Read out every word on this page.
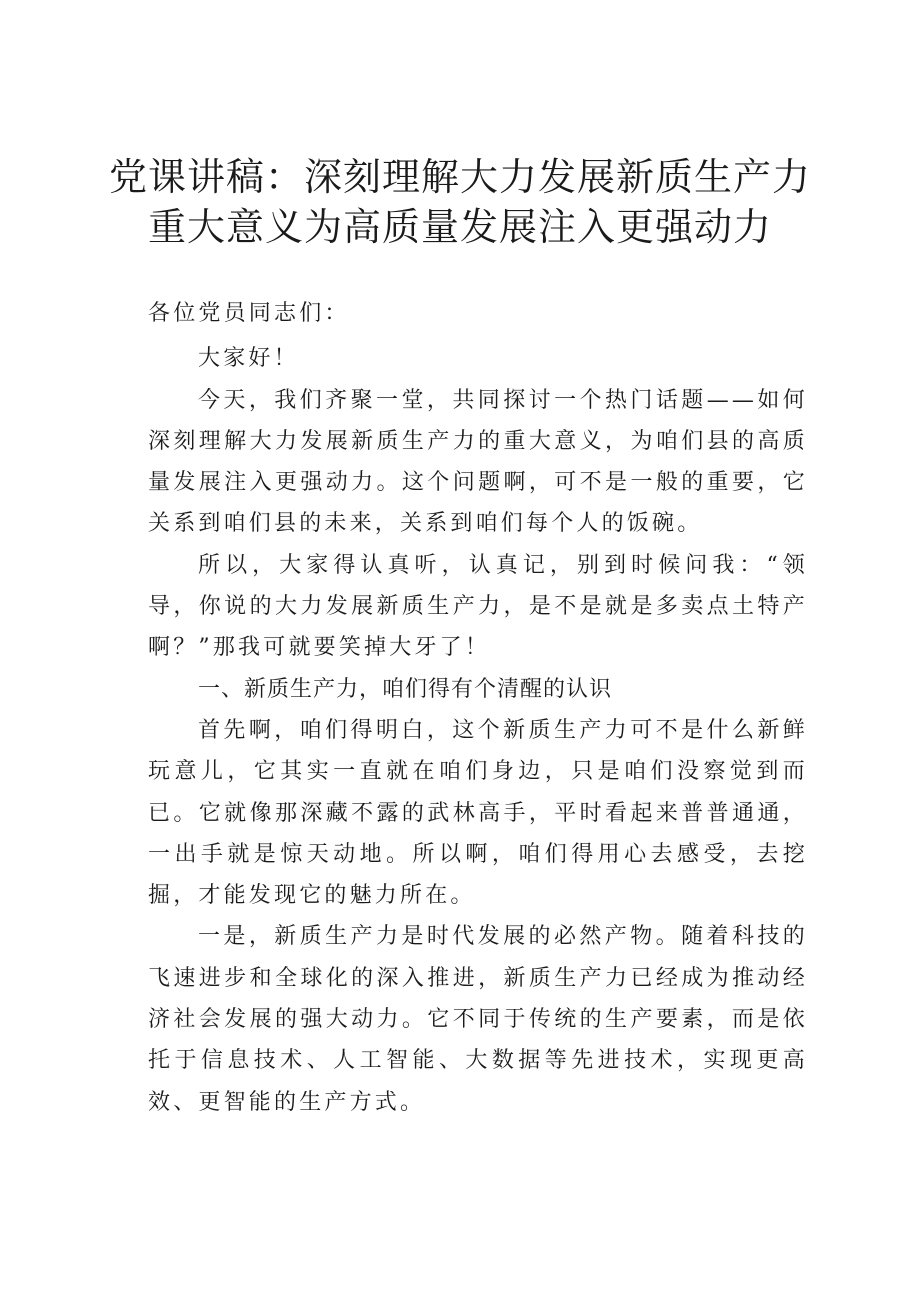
党课讲稿：深刻理解大力发展新质生产力
重大意义为高质量发展注入更强动力

各位党员同志们：

大家好！

今天，我们齐聚一堂，共同探讨一个热门话题——如何深刻理解大力发展新质生产力的重大意义，为咱们县的高质量发展注入更强动力。这个问题啊，可不是一般的重要，它关系到咱们县的未来，关系到咱们每个人的饭碗。

所以，大家得认真听，认真记，别到时候问我：“领导，你说的大力发展新质生产力，是不是就是多卖点土特产啊？”那我可就要笑掉大牙了！

一、新质生产力，咱们得有个清醒的认识

首先啊，咱们得明白，这个新质生产力可不是什么新鲜玩意儿，它其实一直就在咱们身边，只是咱们没察觉到而已。它就像那深藏不露的武林高手，平时看起来普普通通，一出手就是惊天动地。所以啊，咱们得用心去感受，去挖掘，才能发现它的魅力所在。

一是，新质生产力是时代发展的必然产物。随着科技的飞速进步和全球化的深入推进，新质生产力已经成为推动经济社会发展的强大动力。它不同于传统的生产要素，而是依托于信息技术、人工智能、大数据等先进技术，实现更高效、更智能的生产方式。
